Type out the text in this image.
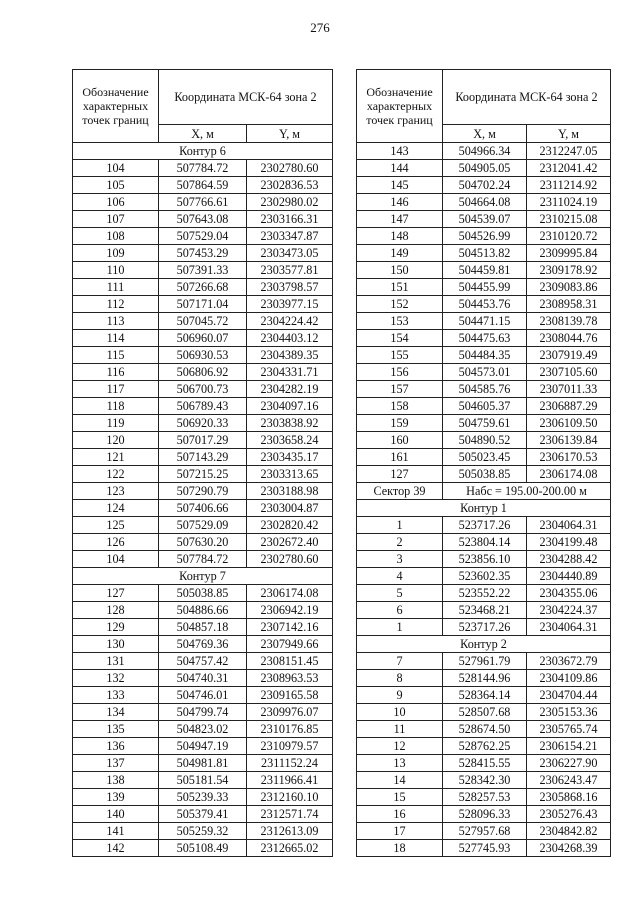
276
Обозначение характерных точек границ	Координата МСК-64 зона 2	
	X, м	Y, м
Контур 6		
104	507784.72	2302780.60
105	507864.59	2302836.53
106	507766.61	2302980.02
107	507643.08	2303166.31
108	507529.04	2303347.87
109	507453.29	2303473.05
110	507391.33	2303577.81
111	507266.68	2303798.57
112	507171.04	2303977.15
113	507045.72	2304224.42
114	506960.07	2304403.12
115	506930.53	2304389.35
116	506806.92	2304331.71
117	506700.73	2304282.19
118	506789.43	2304097.16
119	506920.33	2303838.92
120	507017.29	2303658.24
121	507143.29	2303435.17
122	507215.25	2303313.65
123	507290.79	2303188.98
124	507406.66	2303004.87
125	507529.09	2302820.42
126	507630.20	2302672.40
104	507784.72	2302780.60
Контур 7		
127	505038.85	2306174.08
128	504886.66	2306942.19
129	504857.18	2307142.16
130	504769.36	2307949.66
131	504757.42	2308151.45
132	504740.31	2308963.53
133	504746.01	2309165.58
134	504799.74	2309976.07
135	504823.02	2310176.85
136	504947.19	2310979.57
137	504981.81	2311152.24
138	505181.54	2311966.41
139	505239.33	2312160.10
140	505379.41	2312571.74
141	505259.32	2312613.09
142	505108.49	2312665.02
Обозначение характерных точек границ	Координата МСК-64 зона 2	
	X, м	Y, м
143	504966.34	2312247.05
144	504905.05	2312041.42
145	504702.24	2311214.92
146	504664.08	2311024.19
147	504539.07	2310215.08
148	504526.99	2310120.72
149	504513.82	2309995.84
150	504459.81	2309178.92
151	504455.99	2309083.86
152	504453.76	2308958.31
153	504471.15	2308139.78
154	504475.63	2308044.76
155	504484.35	2307919.49
156	504573.01	2307105.60
157	504585.76	2307011.33
158	504605.37	2306887.29
159	504759.61	2306109.50
160	504890.52	2306139.84
161	505023.45	2306170.53
127	505038.85	2306174.08
Сектор 39	Набс = 195.00-200.00 м	
Контур 1		
1	523717.26	2304064.31
2	523804.14	2304199.48
3	523856.10	2304288.42
4	523602.35	2304440.89
5	523552.22	2304355.06
6	523468.21	2304224.37
1	523717.26	2304064.31
Контур 2		
7	527961.79	2303672.79
8	528144.96	2304109.86
9	528364.14	2304704.44
10	528507.68	2305153.36
11	528674.50	2305765.74
12	528762.25	2306154.21
13	528415.55	2306227.90
14	528342.30	2306243.47
15	528257.53	2305868.16
16	528096.33	2305276.43
17	527957.68	2304842.82
18	527745.93	2304268.39
